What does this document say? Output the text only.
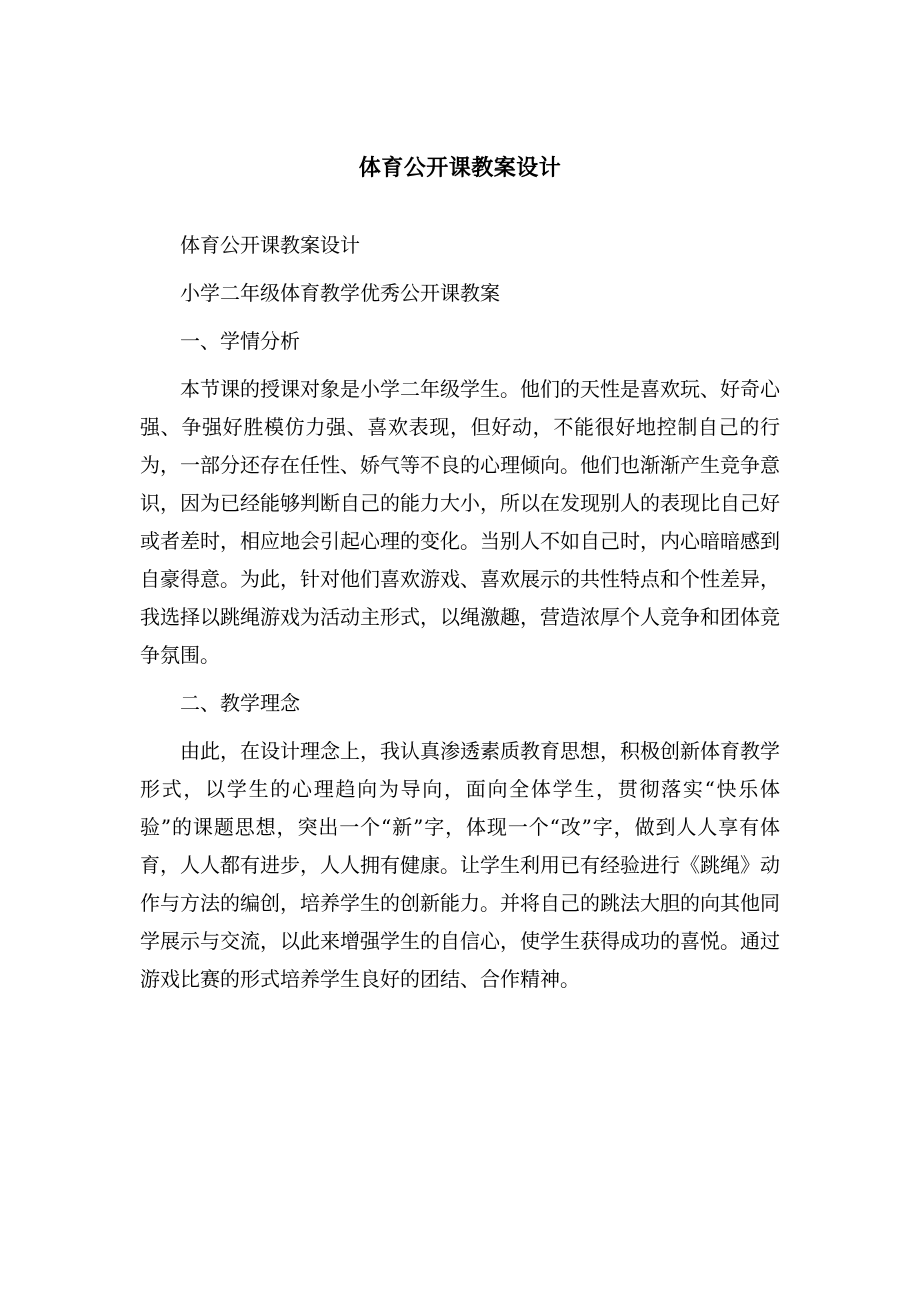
体育公开课教案设计

体育公开课教案设计

小学二年级体育教学优秀公开课教案

一、学情分析

本节课的授课对象是小学二年级学生。他们的天性是喜欢玩、好奇心强、争强好胜模仿力强、喜欢表现，但好动，不能很好地控制自己的行为，一部分还存在任性、娇气等不良的心理倾向。他们也渐渐产生竞争意识，因为已经能够判断自己的能力大小，所以在发现别人的表现比自己好或者差时，相应地会引起心理的变化。当别人不如自己时，内心暗暗感到自豪得意。为此，针对他们喜欢游戏、喜欢展示的共性特点和个性差异，我选择以跳绳游戏为活动主形式，以绳激趣，营造浓厚个人竞争和团体竞争氛围。

二、教学理念

由此，在设计理念上，我认真渗透素质教育思想，积极创新体育教学形式，以学生的心理趋向为导向，面向全体学生，贯彻落实“快乐体验”的课题思想，突出一个“新”字，体现一个“改”字，做到人人享有体育，人人都有进步，人人拥有健康。让学生利用已有经验进行《跳绳》动作与方法的编创，培养学生的创新能力。并将自己的跳法大胆的向其他同学展示与交流，以此来增强学生的自信心，使学生获得成功的喜悦。通过游戏比赛的形式培养学生良好的团结、合作精神。
